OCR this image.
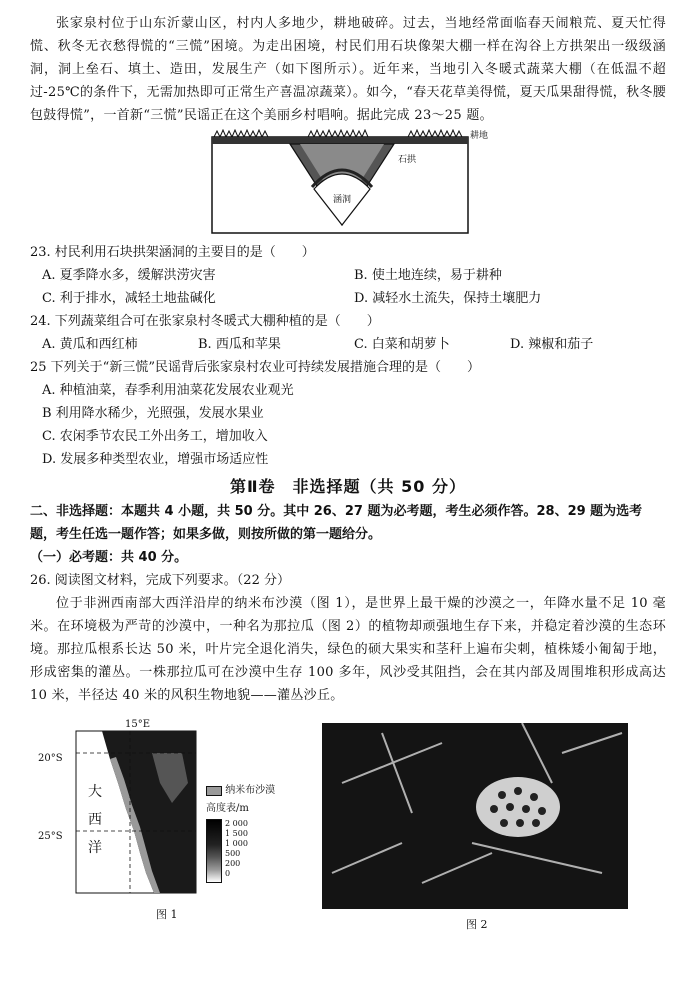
张家泉村位于山东沂蒙山区，村内人多地少，耕地破碎。过去，当地经常面临春天闹粮荒、夏天忙得慌、秋冬无衣愁得慌的“三慌”困境。为走出困境，村民们用石块像架大棚一样在沟谷上方拱架出一级级涵洞，洞上垒石、填土、造田，发展生产（如下图所示）。近年来，当地引入冬暖式蔬菜大棚（在低温不超过-25℃的条件下，无需加热即可正常生产喜温凉蔬菜）。如今，“春天花草美得慌，夏天瓜果甜得慌，秋冬腰包鼓得慌”，一首新“三慌”民谣正在这个美丽乡村唱响。据此完成 23～25 题。
耕地
石拱
涵洞
23. 村民利用石块拱架涵洞的主要目的是（　　）
A. 夏季降水多，缓解洪涝灾害	B. 使土地连续，易于耕种
C. 利于排水，减轻土地盐碱化	D. 减轻水土流失，保持土壤肥力
24. 下列蔬菜组合可在张家泉村冬暖式大棚种植的是（　　）
A. 黄瓜和西红柿	B. 西瓜和苹果	C. 白菜和胡萝卜	D. 辣椒和茄子
25 下列关于“新三慌”民谣背后张家泉村农业可持续发展措施合理的是（　　）
A. 种植油菜，春季利用油菜花发展农业观光
B 利用降水稀少，光照强，发展水果业
C. 农闲季节农民工外出务工，增加收入
D. 发展多种类型农业，增强市场适应性
第Ⅱ卷　非选择题（共 50 分）
二、非选择题：本题共 4 小题，共 50 分。其中 26、27 题为必考题，考生必须作答。28、29 题为选考题，考生任选一题作答；如果多做，则按所做的第一题给分。
（一）必考题：共 40 分。
26. 阅读图文材料，完成下列要求。（22 分）
位于非洲西南部大西洋沿岸的纳米布沙漠（图 1），是世界上最干燥的沙漠之一，年降水量不足 10 毫米。在环境极为严苛的沙漠中，一种名为那拉瓜（图 2）的植物却顽强地生存下来，并稳定着沙漠的生态环境。那拉瓜根系长达 50 米，叶片完全退化消失，绿色的硕大果实和茎秆上遍布尖刺，植株矮小匍匐于地，形成密集的灌丛。一株那拉瓜可在沙漠中生存 100 多年，风沙受其阻挡，会在其内部及周围堆积形成高达 10 米，半径达 40 米的风积生物地貌——灌丛沙丘。
15°E
20°S
25°S
大
西
洋
纳米布沙漠
高度表/m
2 000
1 500
1 000
500
200
0
图 1
图 2
